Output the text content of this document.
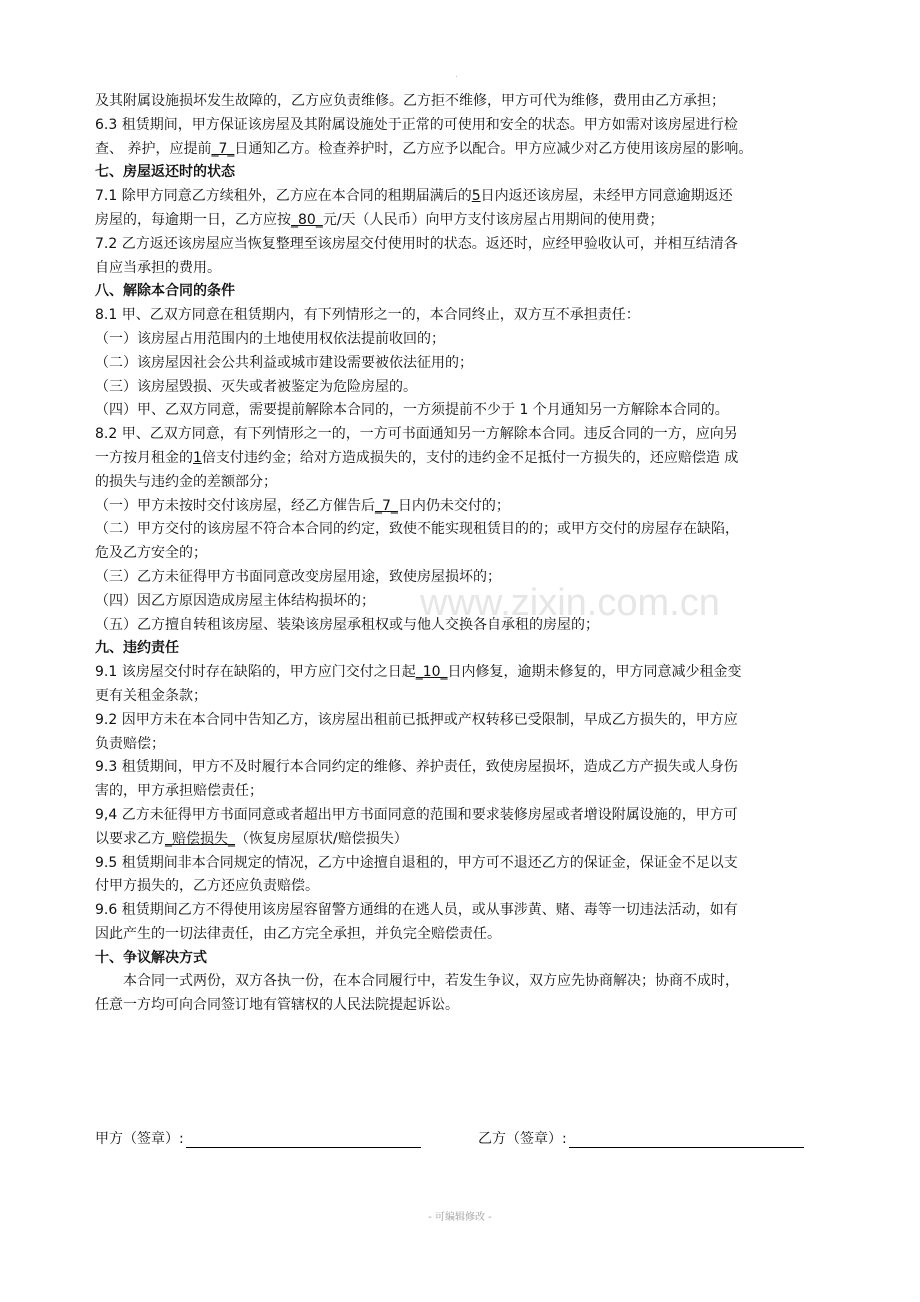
.
www.zixin.com.cn
及其附属设施损坏发生故障的，乙方应负责维修。乙方拒不维修，甲方可代为维修，费用由乙方承担；
6.3 租赁期间，甲方保证该房屋及其附属设施处于正常的可使用和安全的状态。甲方如需对该房屋进行检
查、 养护，应提前_7_日通知乙方。检查养护时，乙方应予以配合。甲方应减少对乙方使用该房屋的影响。
七、房屋返还时的状态
7.1 除甲方同意乙方续租外，乙方应在本合同的租期届满后的5日内返还该房屋，未经甲方同意逾期返还
房屋的，每逾期一日，乙方应按_80_元/天（人民币）向甲方支付该房屋占用期间的使用费；
7.2 乙方返还该房屋应当恢复整理至该房屋交付使用时的状态。返还时，应经甲验收认可，并相互结清各
自应当承担的费用。
八、解除本合同的条件
8.1 甲、乙双方同意在租赁期内，有下列情形之一的，本合同终止，双方互不承担责任：
（一）该房屋占用范围内的土地使用权依法提前收回的；
（二）该房屋因社会公共利益或城市建设需要被依法征用的；
（三）该房屋毁损、灭失或者被鉴定为危险房屋的。
（四）甲、乙双方同意，需要提前解除本合同的，一方须提前不少于 1 个月通知另一方解除本合同的。
8.2 甲、乙双方同意，有下列情形之一的，一方可书面通知另一方解除本合同。违反合同的一方，应向另
一方按月租金的1倍支付违约金；给对方造成损失的，支付的违约金不足抵付一方损失的，还应赔偿造 成
的损失与违约金的差额部分；
（一）甲方未按时交付该房屋，经乙方催告后_7_日内仍未交付的；
（二）甲方交付的该房屋不符合本合同的约定，致使不能实现租赁目的的；或甲方交付的房屋存在缺陷，
危及乙方安全的；
（三）乙方未征得甲方书面同意改变房屋用途，致使房屋损坏的；
（四）因乙方原因造成房屋主体结构损坏的；
（五）乙方擅自转租该房屋、装染该房屋承租权或与他人交换各自承租的房屋的；
九、违约责任
9.1 该房屋交付时存在缺陷的，甲方应门交付之日起_10_日内修复，逾期未修复的，甲方同意减少租金变
更有关租金条款；
9.2 因甲方未在本合同中告知乙方，该房屋出租前已抵押或产权转移已受限制，早成乙方损失的，甲方应
负责赔偿；
9.3 租赁期间，甲方不及时履行本合同约定的维修、养护责任，致使房屋损坏，造成乙方产损失或人身伤
害的，甲方承担赔偿责任；
9,4 乙方未征得甲方书面同意或者超出甲方书面同意的范围和要求装修房屋或者增设附属设施的，甲方可
以要求乙方_赔偿损失_（恢复房屋原状/赔偿损失）
9.5 租赁期间非本合同规定的情况，乙方中途擅自退租的，甲方可不退还乙方的保证金，保证金不足以支
付甲方损失的，乙方还应负责赔偿。
9.6 租赁期间乙方不得使用该房屋容留警方通缉的在逃人员，或从事涉黄、赌、毒等一切违法活动，如有
因此产生的一切法律责任，由乙方完全承担，并负完全赔偿责任。
十、争议解决方式
本合同一式两份，双方各执一份，在本合同履行中，若发生争议，双方应先协商解决；协商不成时，
任意一方均可向合同签订地有管辖权的人民法院提起诉讼。
甲方（签章）:	乙方（签章）:
- 可编辑修改 -
